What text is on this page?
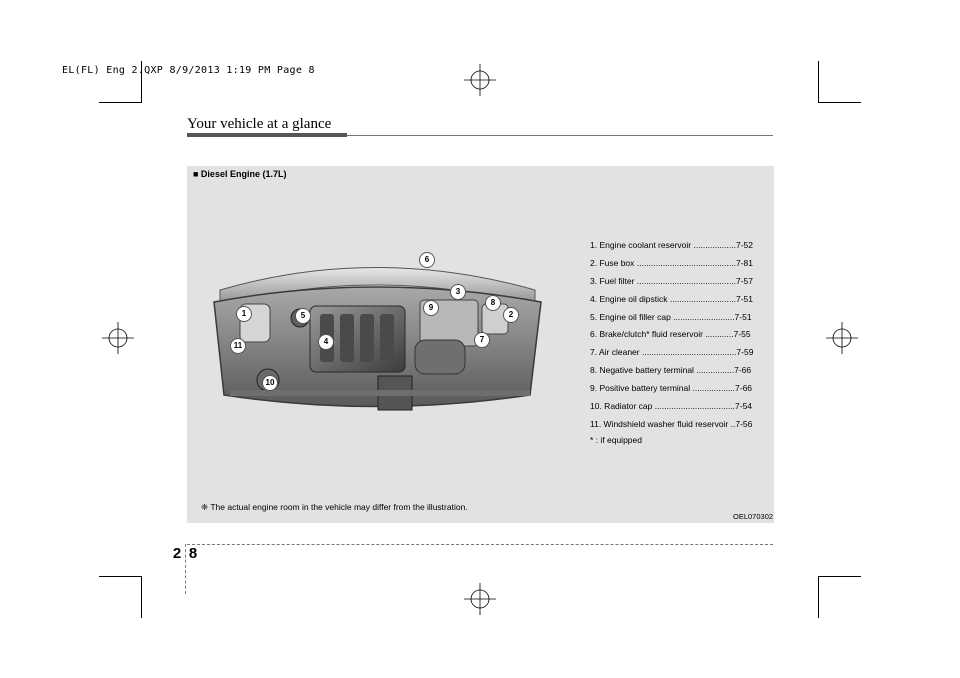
EL(FL) Eng 2.QXP 8/9/2013 1:19 PM Page 8
Your vehicle at a glance
■ Diesel Engine (1.7L)
1	2
3
4
5
6
7
8
9
10
11
1. Engine coolant reservoir ..................7-52
2. Fuse box ..........................................7-81
3. Fuel filter ..........................................7-57
4. Engine oil dipstick ............................7-51
5. Engine oil filler cap ..........................7-51
6. Brake/clutch* fluid reservoir ............7-55
7. Air cleaner ........................................7-59
8. Negative battery terminal ................7-66
9. Positive battery terminal ..................7-66
10. Radiator cap ..................................7-54
11. Windshield washer fluid reservoir ..7-56
* : if equipped
❈ The actual engine room in the vehicle may differ from the illustration.
OEL070302
2 8
